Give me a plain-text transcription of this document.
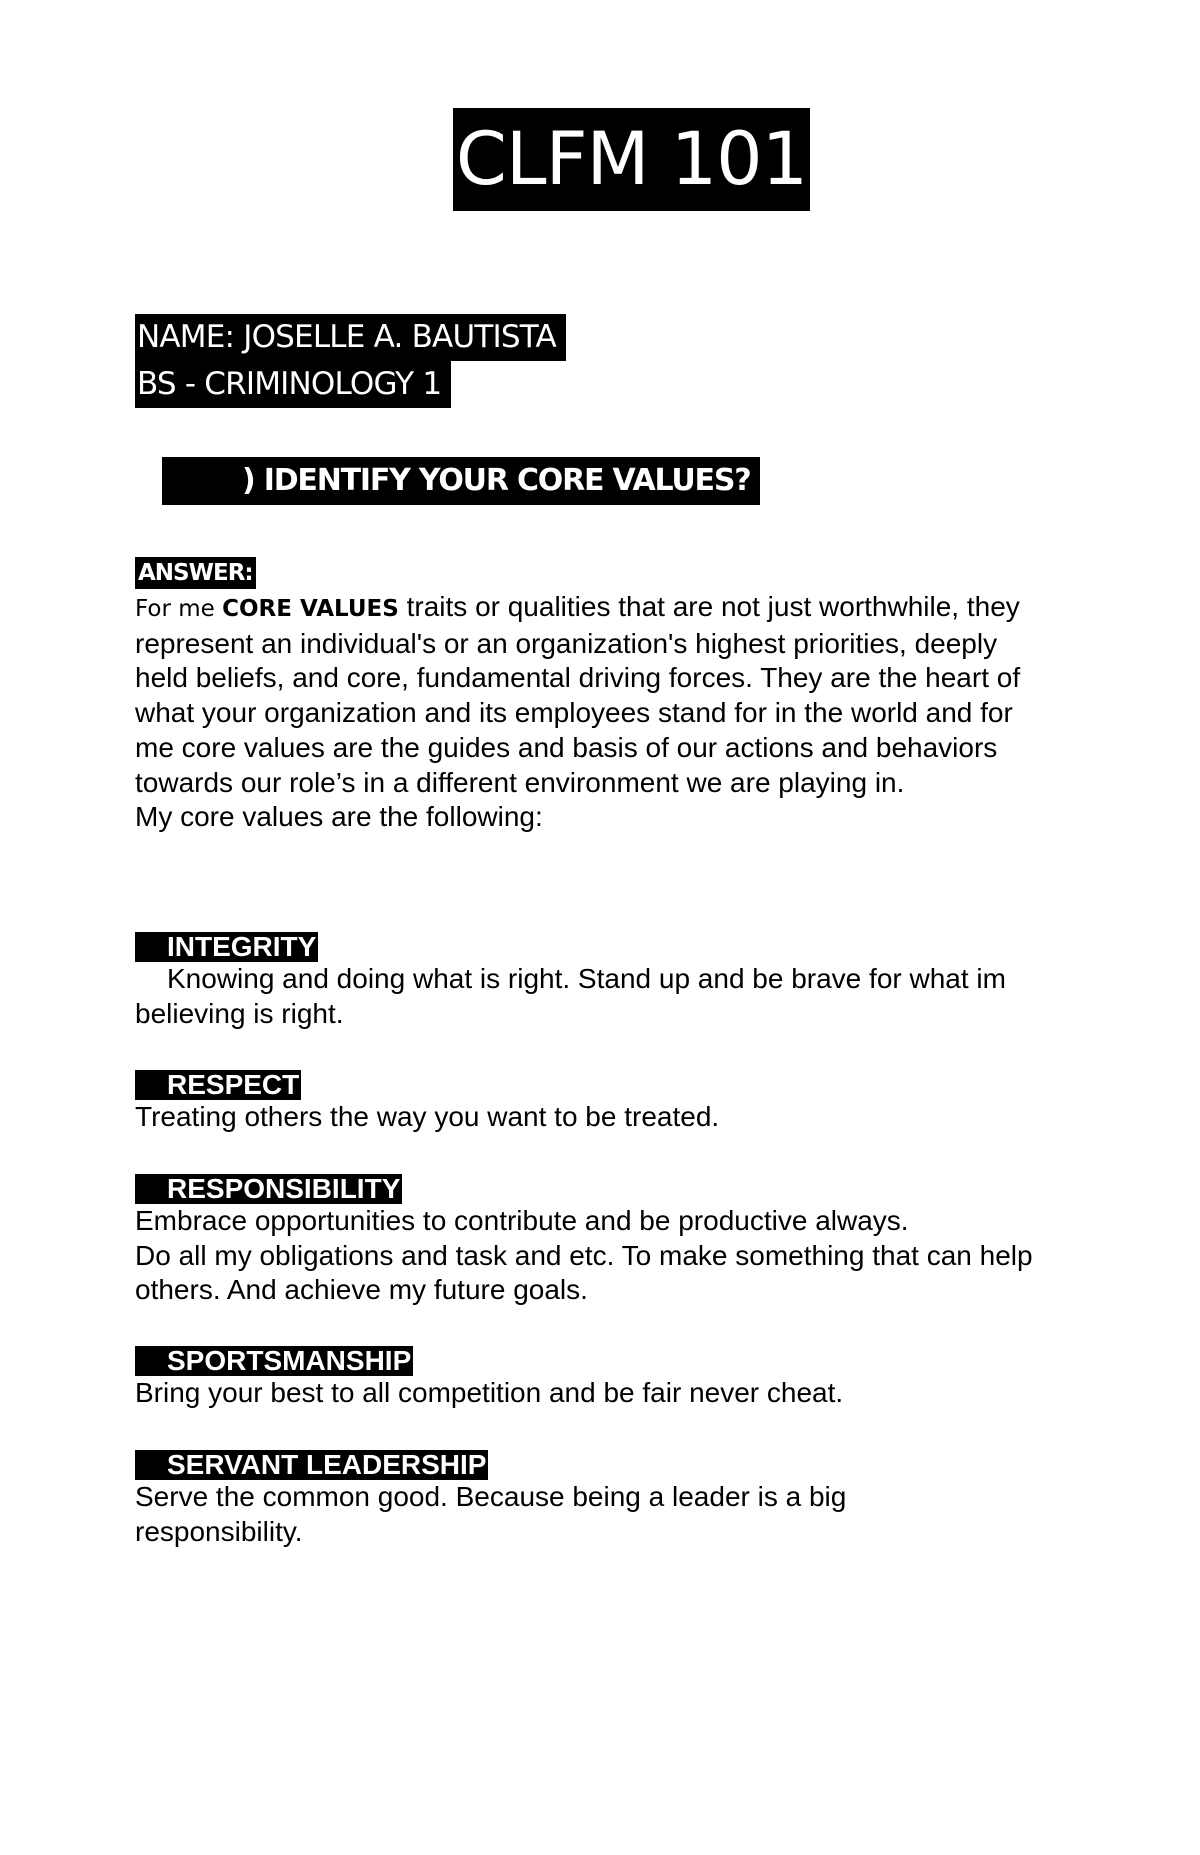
CLFM 101
NAME: JOSELLE A. BAUTISTA
BS - CRIMINOLOGY 1
) IDENTIFY YOUR CORE VALUES?
ANSWER:

For me CORE VALUES traits or qualities that are not just worthwhile, they represent an individual's or an organization's highest priorities, deeply held beliefs, and core, fundamental driving forces. They are the heart of what your organization and its employees stand for in the world and for me core values are the guides and basis of our actions and behaviors towards our role’s in a different environment we are playing in.
My core values are the following:

INTEGRITY

Knowing and doing what is right. Stand up and be brave for what im believing is right.

RESPECT

Treating others the way you want to be treated.

RESPONSIBILITY

Embrace opportunities to contribute and be productive always.
Do all my obligations and task and etc. To make something that can help others. And achieve my future goals.

SPORTSMANSHIP

Bring your best to all competition and be fair never cheat.

SERVANT LEADERSHIP

Serve the common good. Because being a leader is a big responsibility.
